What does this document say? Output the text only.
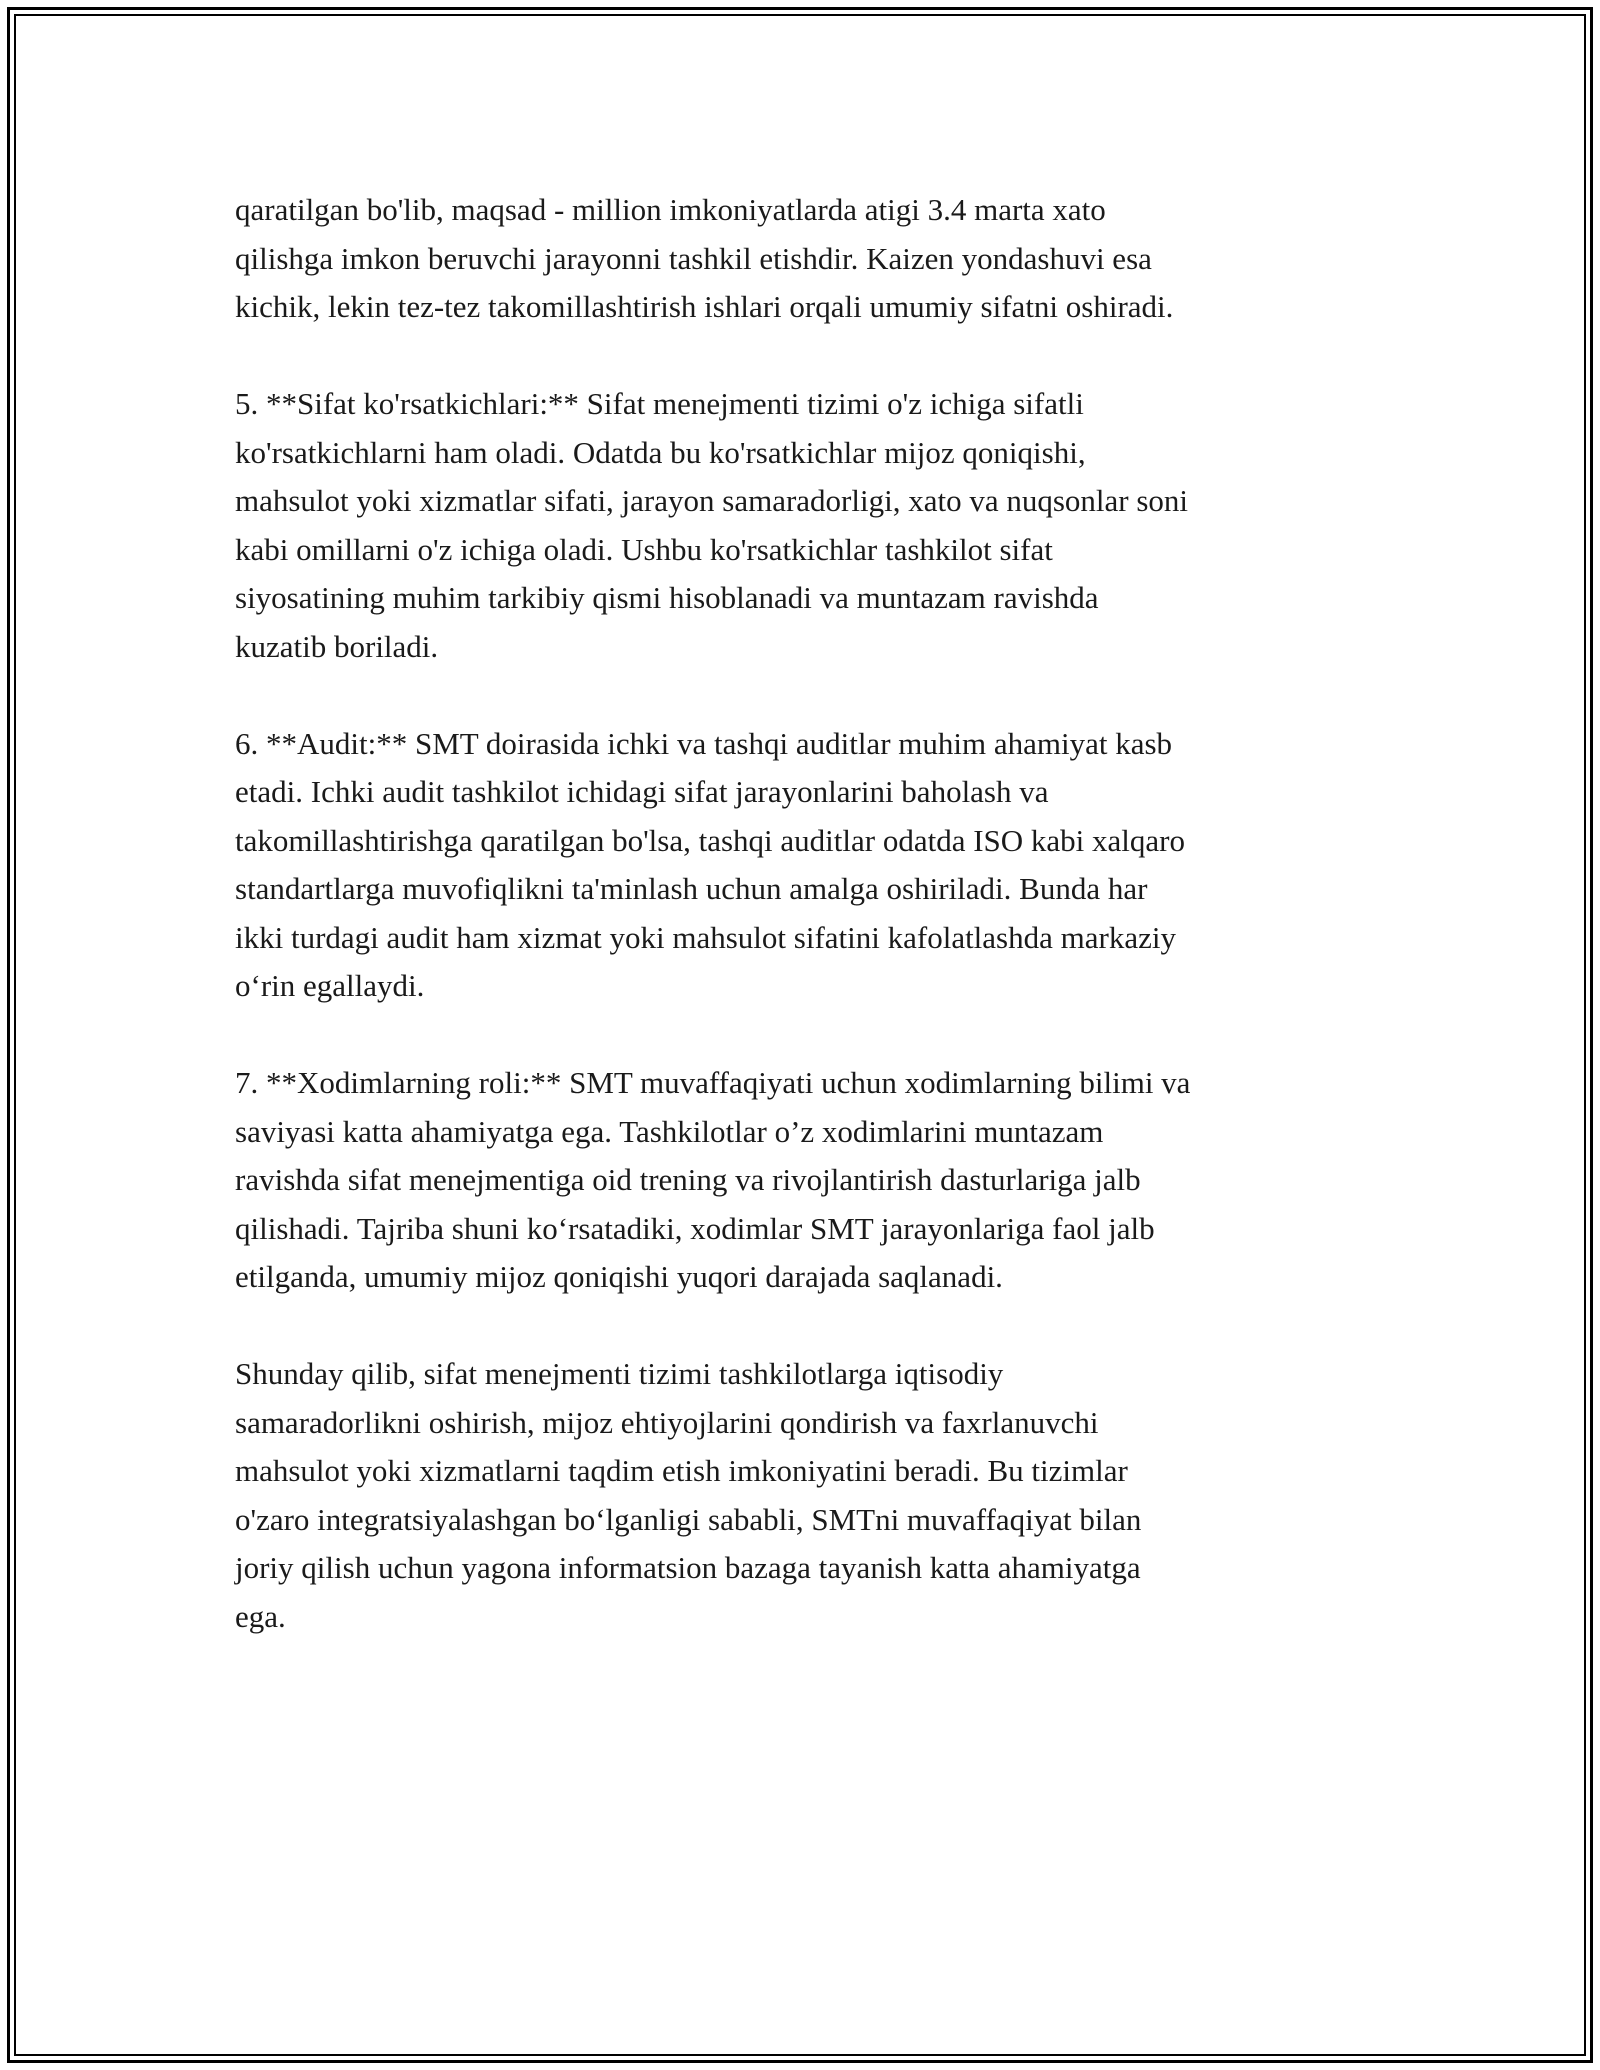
qaratilgan bo'lib, maqsad - million imkoniyatlarda atigi 3.4 marta xato
qilishga imkon beruvchi jarayonni tashkil etishdir. Kaizen yondashuvi esa
kichik, lekin tez-tez takomillashtirish ishlari orqali umumiy sifatni oshiradi.
5. **Sifat ko'rsatkichlari:** Sifat menejmenti tizimi o'z ichiga sifatli
ko'rsatkichlarni ham oladi. Odatda bu ko'rsatkichlar mijoz qoniqishi,
mahsulot yoki xizmatlar sifati, jarayon samaradorligi, xato va nuqsonlar soni
kabi omillarni o'z ichiga oladi. Ushbu ko'rsatkichlar tashkilot sifat
siyosatining muhim tarkibiy qismi hisoblanadi va muntazam ravishda
kuzatib boriladi.
6. **Audit:** SMT doirasida ichki va tashqi auditlar muhim ahamiyat kasb
etadi. Ichki audit tashkilot ichidagi sifat jarayonlarini baholash va
takomillashtirishga qaratilgan bo'lsa, tashqi auditlar odatda ISO kabi xalqaro
standartlarga muvofiqlikni ta'minlash uchun amalga oshiriladi. Bunda har
ikki turdagi audit ham xizmat yoki mahsulot sifatini kafolatlashda markaziy
o‘rin egallaydi.
7. **Xodimlarning roli:** SMT muvaffaqiyati uchun xodimlarning bilimi va
saviyasi katta ahamiyatga ega. Tashkilotlar o’z xodimlarini muntazam
ravishda sifat menejmentiga oid trening va rivojlantirish dasturlariga jalb
qilishadi. Tajriba shuni ko‘rsatadiki, xodimlar SMT jarayonlariga faol jalb
etilganda, umumiy mijoz qoniqishi yuqori darajada saqlanadi.
Shunday qilib, sifat menejmenti tizimi tashkilotlarga iqtisodiy
samaradorlikni oshirish, mijoz ehtiyojlarini qondirish va faxrlanuvchi
mahsulot yoki xizmatlarni taqdim etish imkoniyatini beradi. Bu tizimlar
o'zaro integratsiyalashgan bo‘lganligi sababli, SMTni muvaffaqiyat bilan
joriy qilish uchun yagona informatsion bazaga tayanish katta ahamiyatga
ega.
